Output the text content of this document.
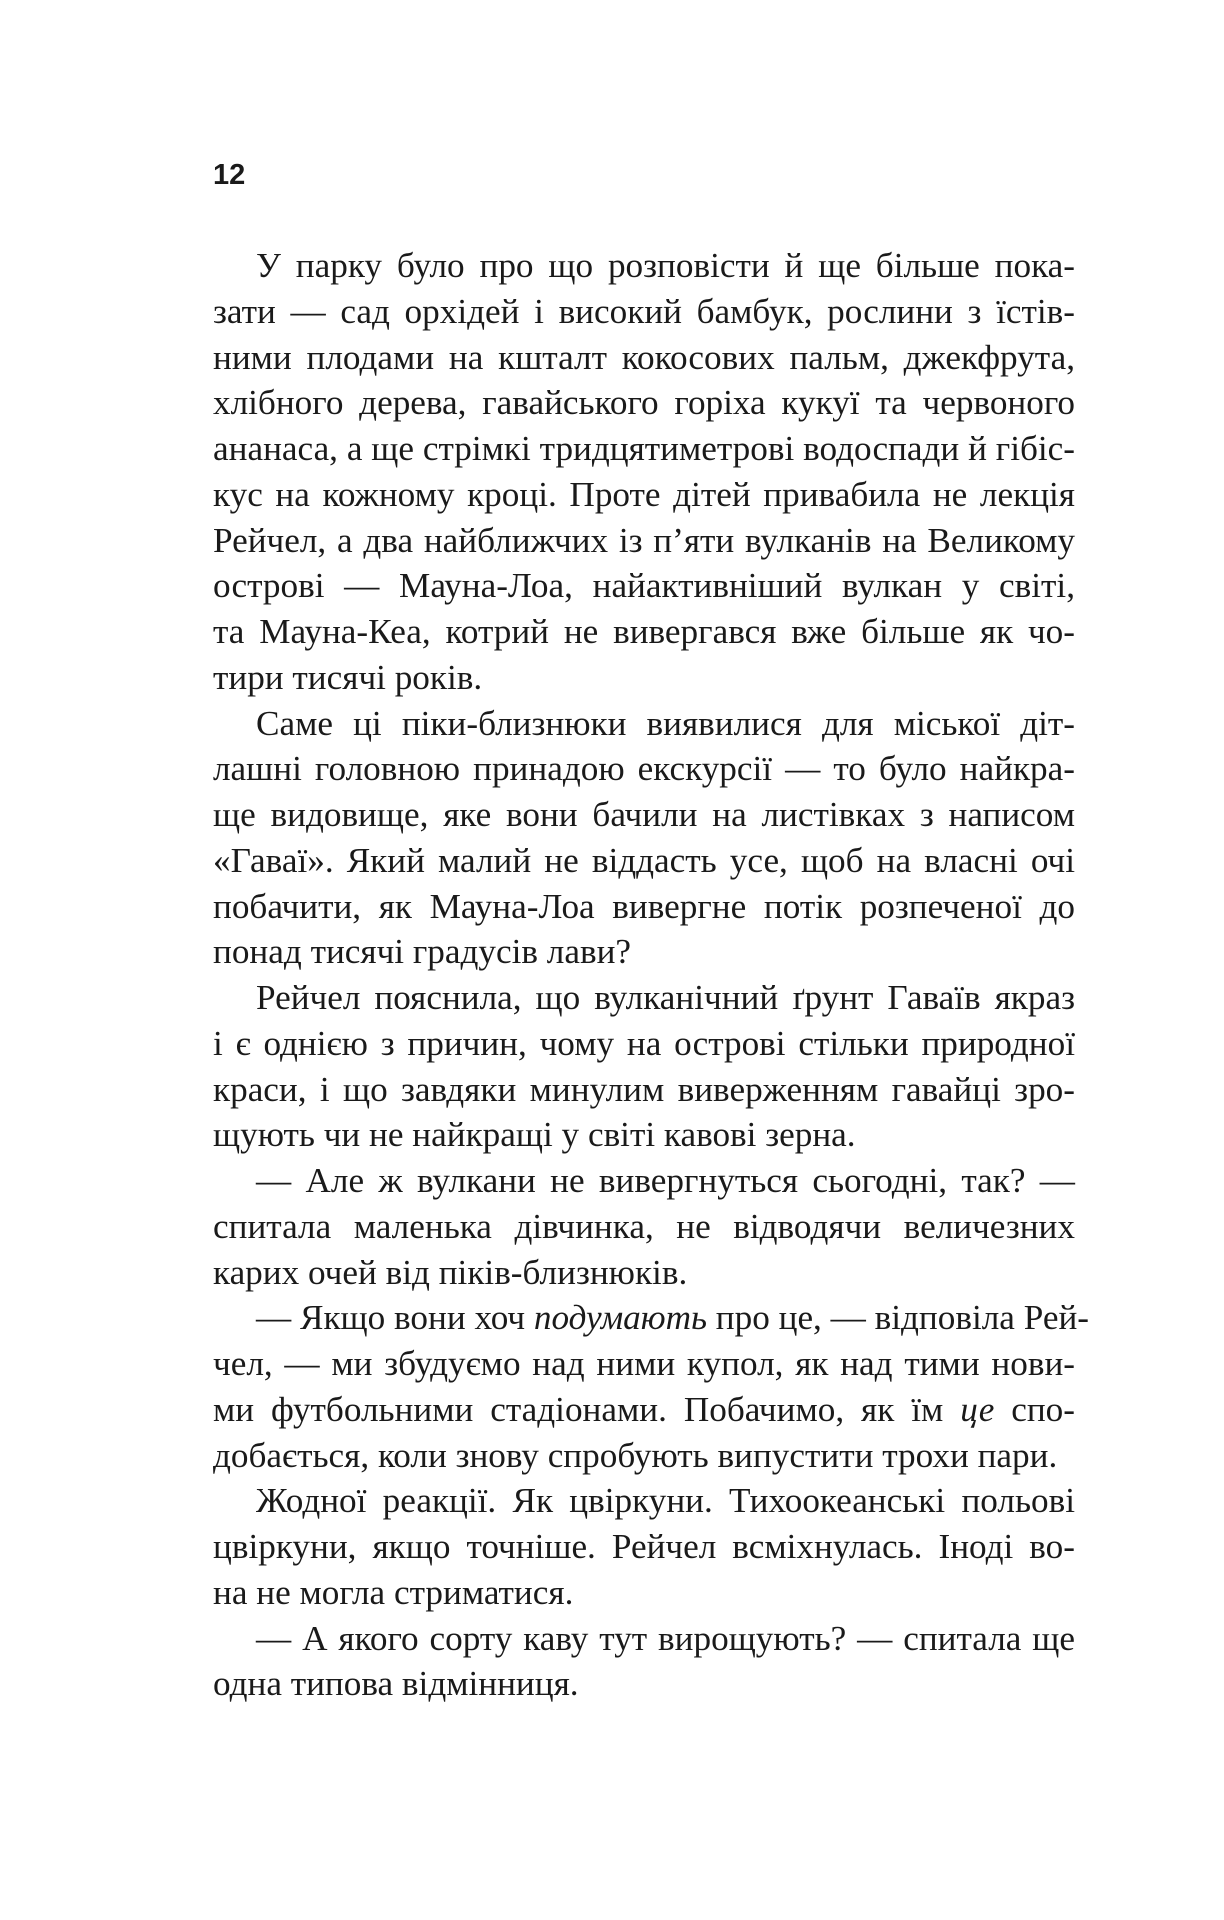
12

У парку було про що розповісти й ще більше пока-
зати — сад орхідей і високий бамбук, рослини з їстів-
ними плодами на кшталт кокосових пальм, джекфрута,
хлібного дерева, гавайського горіха кукуї та червоного
ананаса, а ще стрімкі тридцятиметрові водоспади й гібіс-
кус на кожному кроці. Проте дітей привабила не лекція
Рейчел, а два найближчих із п’яти вулканів на Великому
острові — Мауна-Лоа, найактивніший вулкан у світі,
та Мауна-Кеа, котрий не вивергався вже більше як чо-
тири тисячі років.
Саме ці піки-близнюки виявилися для міської діт-
лашні головною принадою екскурсії — то було найкра-
ще видовище, яке вони бачили на листівках з написом
«Гаваї». Який малий не віддасть усе, щоб на власні очі
побачити, як Мауна-Лоа вивергне потік розпеченої до
понад тисячі градусів лави?
Рейчел пояснила, що вулканічний ґрунт Гаваїв якраз
і є однією з причин, чому на острові стільки природної
краси, і що завдяки минулим виверженням гавайці зро-
щують чи не найкращі у світі кавові зерна.
— Але ж вулкани не вивергнуться сьогодні, так? —
спитала маленька дівчинка, не відводячи величезних
карих очей від піків-близнюків.
— Якщо вони хоч подумають про це, — відповіла Рей-
чел, — ми збудуємо над ними купол, як над тими нови-
ми футбольними стадіонами. Побачимо, як їм це спо-
добається, коли знову спробують випустити трохи пари.
Жодної реакції. Як цвіркуни. Тихоокеанські польові
цвіркуни, якщо точніше. Рейчел всміхнулась. Іноді во-
на не могла стриматися.
— А якого сорту каву тут вирощують? — спитала ще
одна типова відмінниця.
